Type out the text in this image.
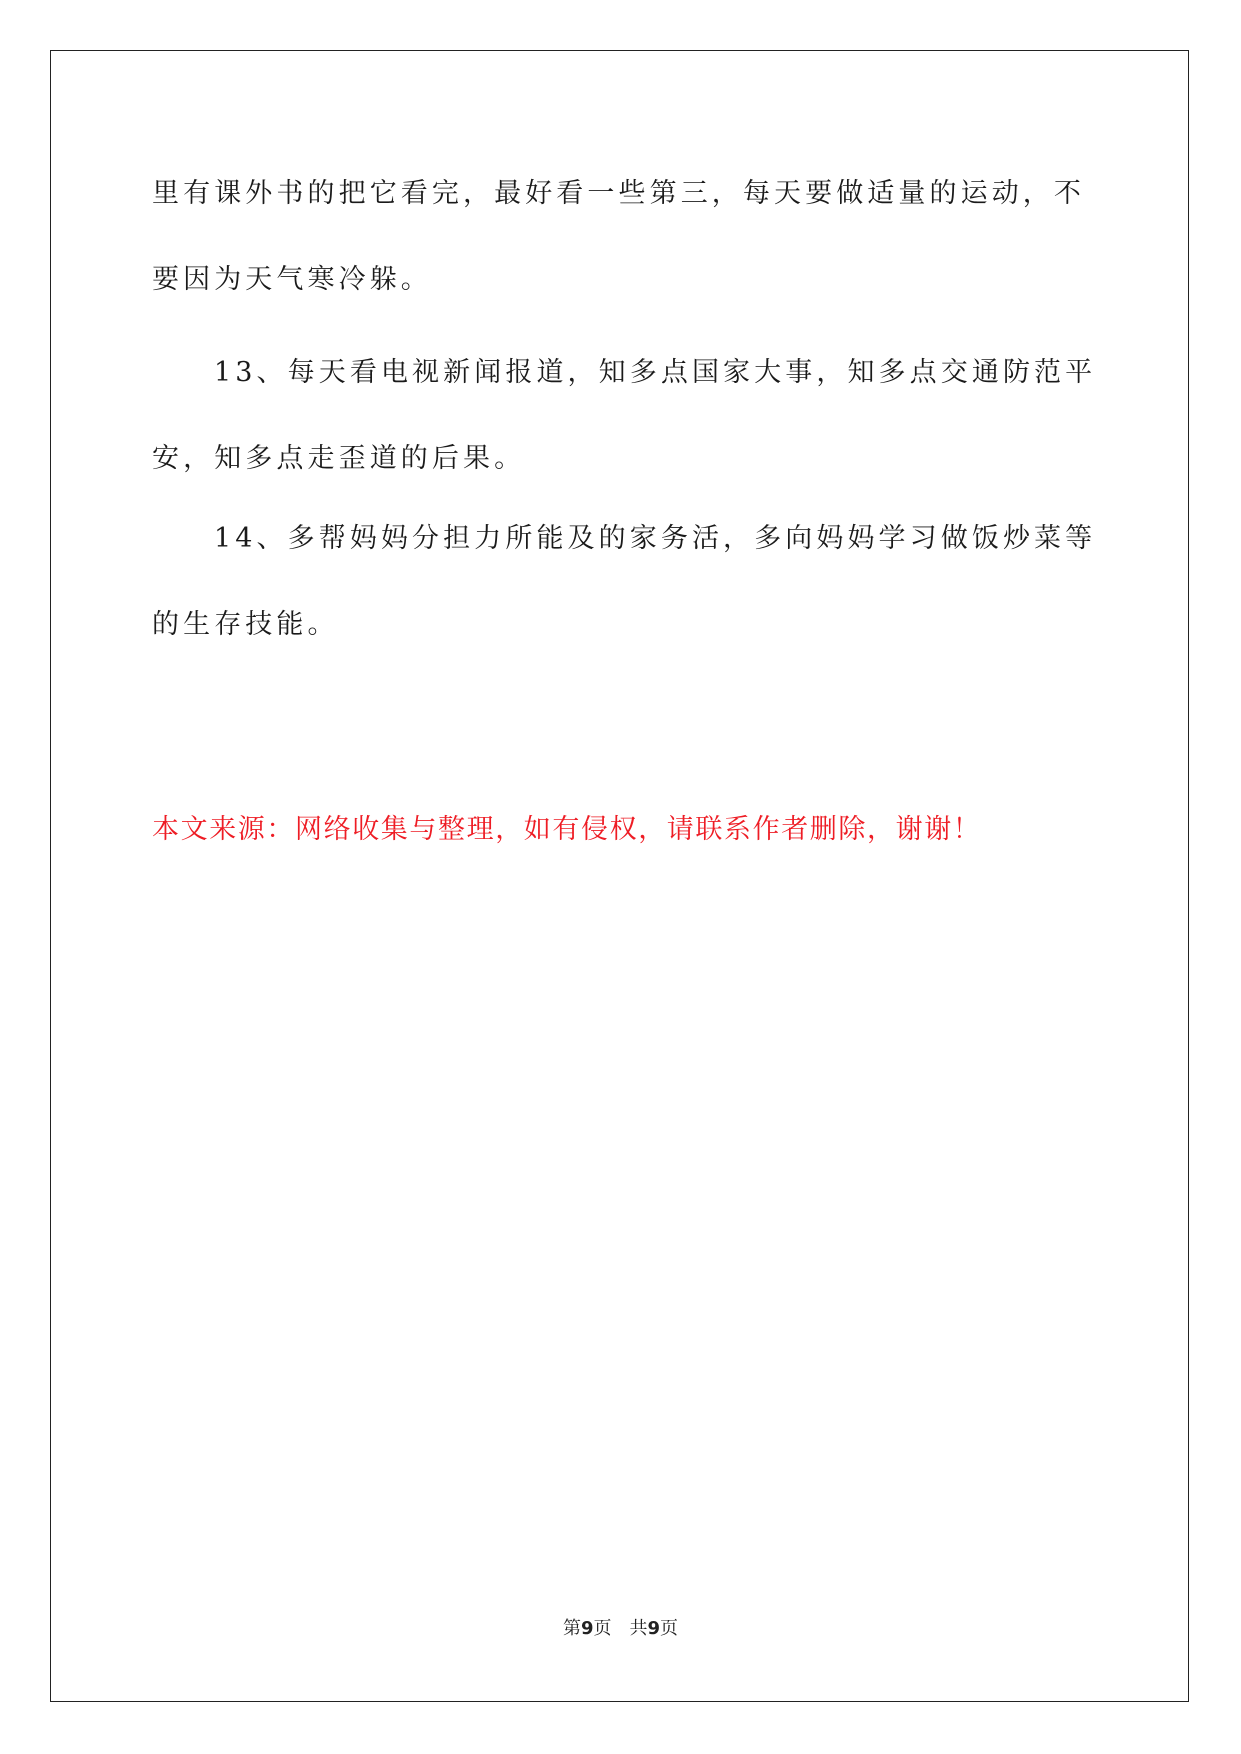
里有课外书的把它看完，最好看一些第三，每天要做适量的运动，不
要因为天气寒冷躲。
13、每天看电视新闻报道，知多点国家大事，知多点交通防范平
安，知多点走歪道的后果。
14、多帮妈妈分担力所能及的家务活，多向妈妈学习做饭炒菜等
的生存技能。
本文来源：网络收集与整理，如有侵权，请联系作者删除，谢谢！
第9页 共9页
